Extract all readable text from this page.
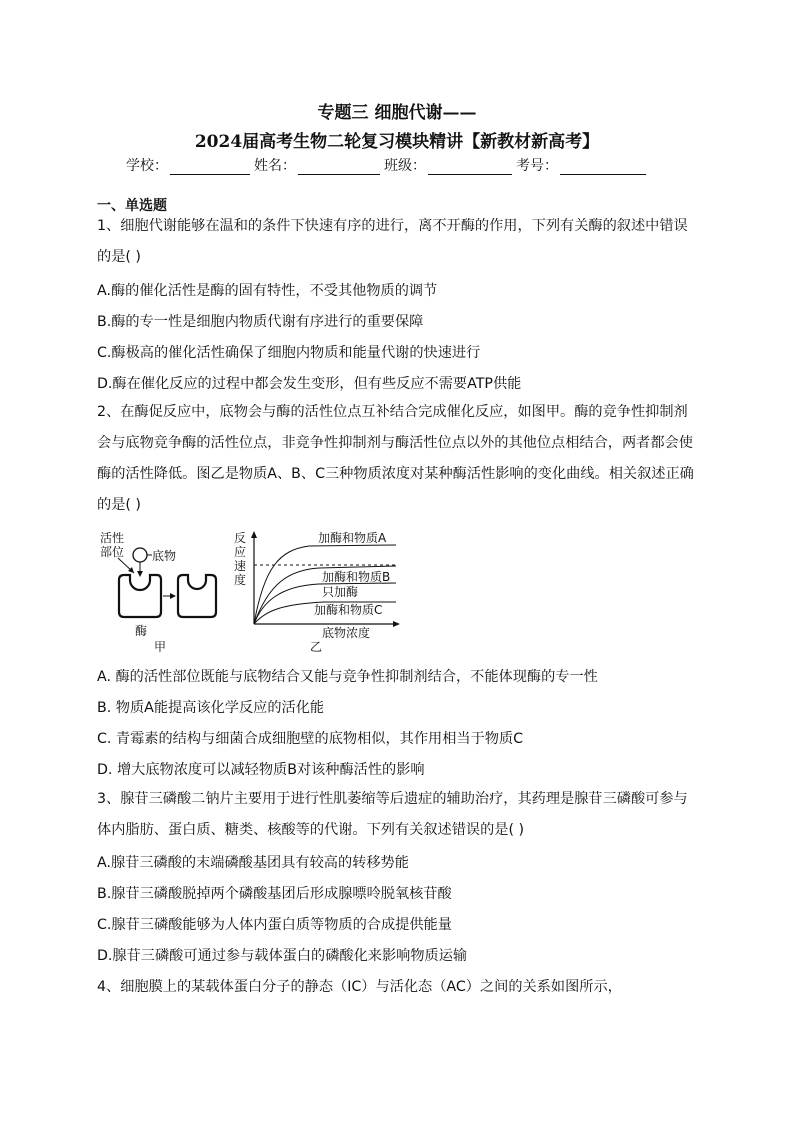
专题三 细胞代谢——
2024届高考生物二轮复习模块精讲【新教材新高考】
学校：	姓名：	班级：	考号：
一、单选题

1、细胞代谢能够在温和的条件下快速有序的进行，离不开酶的作用，下列有关酶的叙述中错误的是( )

A.酶的催化活性是酶的固有特性，不受其他物质的调节
B.酶的专一性是细胞内物质代谢有序进行的重要保障
C.酶极高的催化活性确保了细胞内物质和能量代谢的快速进行
D.酶在催化反应的过程中都会发生变形，但有些反应不需要ATP供能

2、在酶促反应中，底物会与酶的活性位点互补结合完成催化反应，如图甲。酶的竞争性抑制剂会与底物竞争酶的活性位点，非竞争性抑制剂与酶活性位点以外的其他位点相结合，两者都会使酶的活性降低。图乙是物质A、B、C三种物质浓度对某种酶活性影响的变化曲线。相关叙述正确的是( )

活性
部位 底物
酶
甲
反
应
速
度
加酶和物质A
加酶和物质B
只加酶
加酶和物质C
底物浓度
乙
A. 酶的活性部位既能与底物结合又能与竞争性抑制剂结合，不能体现酶的专一性
B. 物质A能提高该化学反应的活化能
C. 青霉素的结构与细菌合成细胞壁的底物相似，其作用相当于物质C
D. 增大底物浓度可以减轻物质B对该种酶活性的影响

3、腺苷三磷酸二钠片主要用于进行性肌萎缩等后遗症的辅助治疗，其药理是腺苷三磷酸可参与体内脂肪、蛋白质、糖类、核酸等的代谢。下列有关叙述错误的是( )

A.腺苷三磷酸的末端磷酸基团具有较高的转移势能
B.腺苷三磷酸脱掉两个磷酸基团后形成腺嘌呤脱氧核苷酸
C.腺苷三磷酸能够为人体内蛋白质等物质的合成提供能量
D.腺苷三磷酸可通过参与载体蛋白的磷酸化来影响物质运输
4、细胞膜上的某载体蛋白分子的静态（IC）与活化态（AC）之间的关系如图所示，
